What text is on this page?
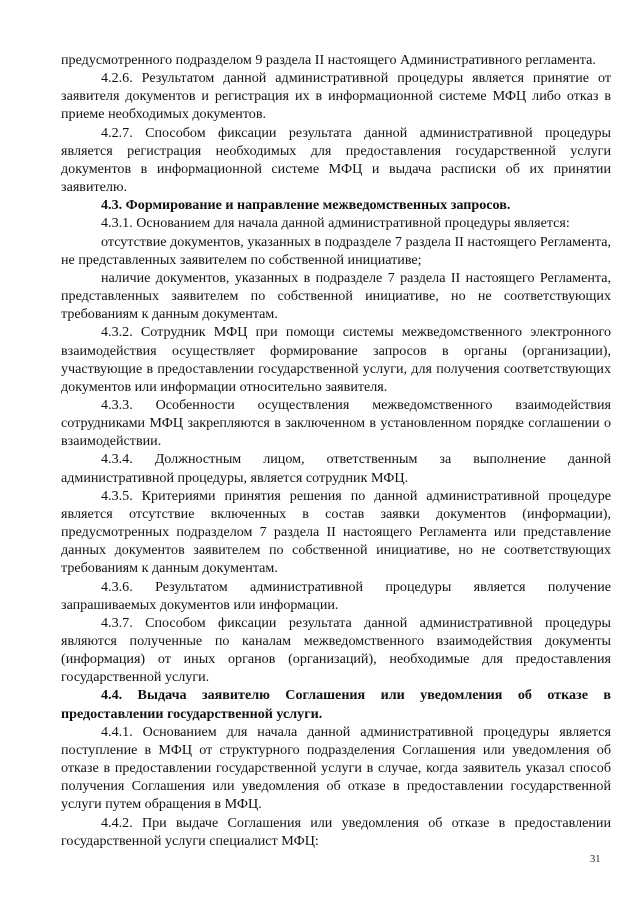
предусмотренного подразделом 9 раздела II настоящего Административного регламента.

4.2.6. Результатом данной административной процедуры является принятие от заявителя документов и регистрация их в информационной системе МФЦ либо отказ в приеме необходимых документов.

4.2.7. Способом фиксации результата данной административной процедуры является регистрация необходимых для предоставления государственной услуги документов в информационной системе МФЦ и выдача расписки об их принятии заявителю.

4.3. Формирование и направление межведомственных запросов.

4.3.1. Основанием для начала данной административной процедуры является:

отсутствие документов, указанных в подразделе 7 раздела II настоящего Регламента, не представленных заявителем по собственной инициативе;

наличие документов, указанных в подразделе 7 раздела II настоящего Регламента, представленных заявителем по собственной инициативе, но не соответствующих требованиям к данным документам.

4.3.2. Сотрудник МФЦ при помощи системы межведомственного электронного взаимодействия осуществляет формирование запросов в органы (организации), участвующие в предоставлении государственной услуги, для получения соответствующих документов или информации относительно заявителя.

4.3.3. Особенности осуществления межведомственного взаимодействия сотрудниками МФЦ закрепляются в заключенном в установленном порядке соглашении о взаимодействии.

4.3.4. Должностным лицом, ответственным за выполнение данной административной процедуры, является сотрудник МФЦ.

4.3.5. Критериями принятия решения по данной административной процедуре является отсутствие включенных в состав заявки документов (информации), предусмотренных подразделом 7 раздела II настоящего Регламента или представление данных документов заявителем по собственной инициативе, но не соответствующих требованиям к данным документам.

4.3.6. Результатом административной процедуры является получение запрашиваемых документов или информации.

4.3.7. Способом фиксации результата данной административной процедуры являются полученные по каналам межведомственного взаимодействия документы (информация) от иных органов (организаций), необходимые для предоставления государственной услуги.

4.4. Выдача заявителю Соглашения или уведомления об отказе в предоставлении государственной услуги.

4.4.1. Основанием для начала данной административной процедуры является поступление в МФЦ от структурного подразделения Соглашения или уведомления об отказе в предоставлении государственной услуги в случае, когда заявитель указал способ получения Соглашения или уведомления об отказе в предоставлении государственной услуги путем обращения в МФЦ.

4.4.2. При выдаче Соглашения или уведомления об отказе в предоставлении государственной услуги специалист МФЦ:

31
